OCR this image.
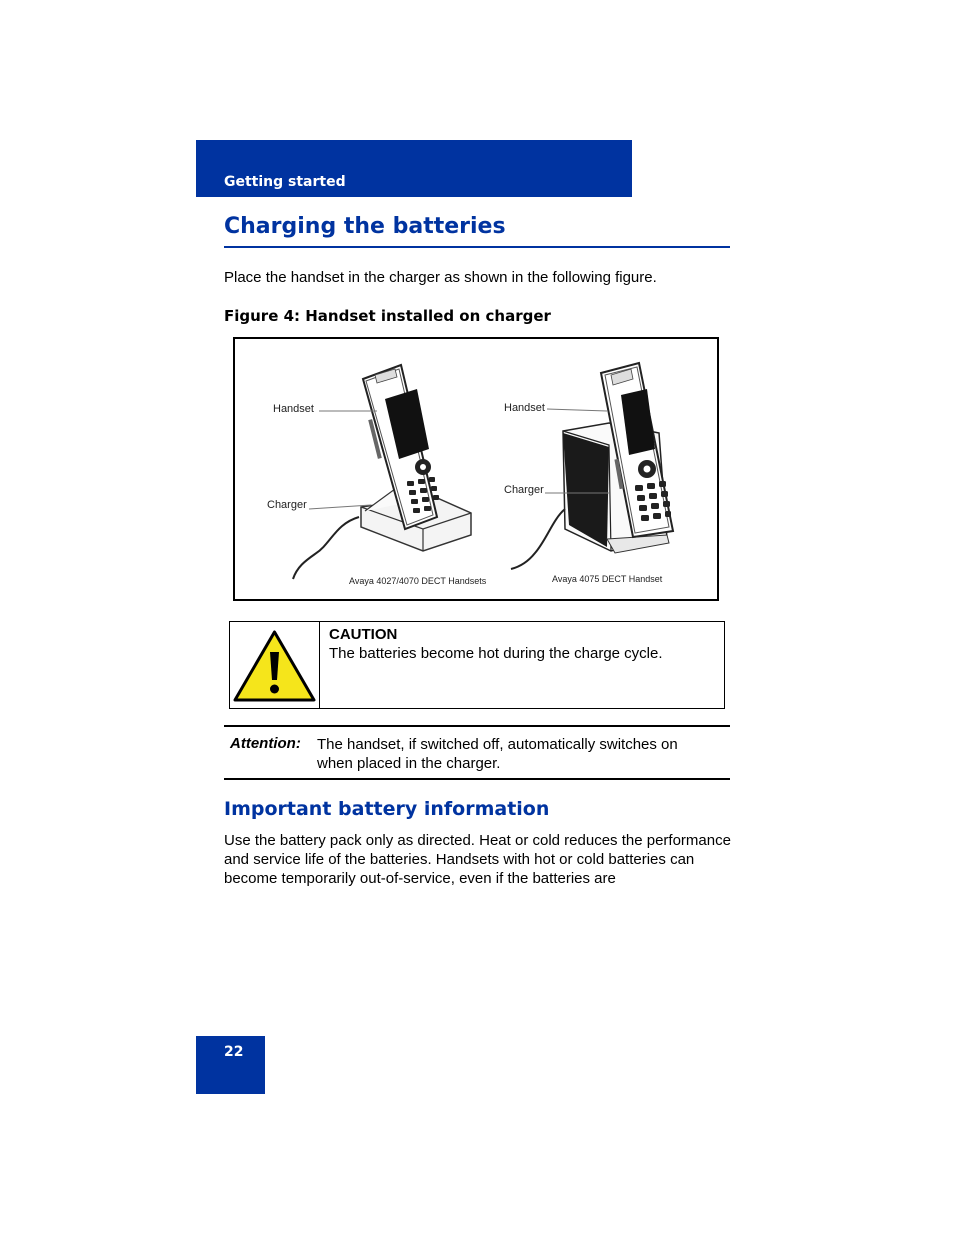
Getting started
Charging the batteries

Place the handset in the charger as shown in the following figure.

Figure 4: Handset installed on charger

Handset
Charger
Avaya 4027/4070 DECT Handsets
Handset
Charger
Avaya 4075 DECT Handset
CAUTION
The batteries become hot during the charge cycle.
Attention: The handset, if switched off, automatically switches on when placed in the charger.
Important battery information

Use the battery pack only as directed. Heat or cold reduces the performance and service life of the batteries. Handsets with hot or cold batteries can become temporarily out-of-service, even if the batteries are

22
